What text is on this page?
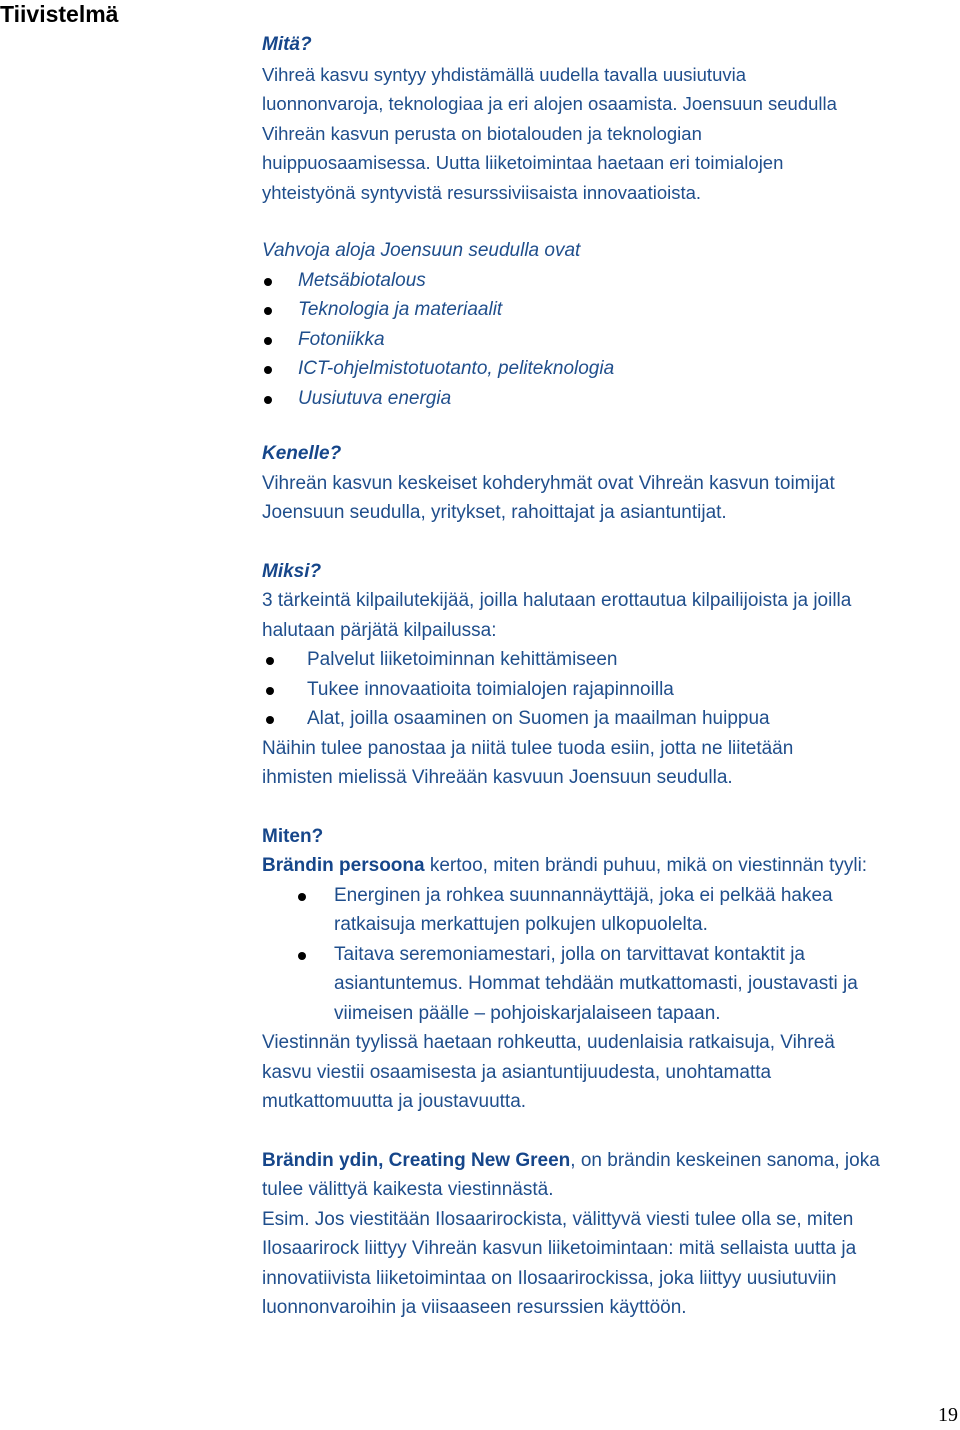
Tiivistelmä

Mitä?

Vihreä kasvu syntyy yhdistämällä uudella tavalla uusiutuvia

luonnonvaroja, teknologiaa ja eri alojen osaamista. Joensuun seudulla

Vihreän kasvun perusta on biotalouden ja teknologian

huippuosaamisessa. Uutta liiketoimintaa haetaan eri toimialojen

yhteistyönä syntyvistä resurssiviisaista innovaatioista.

Vahvoja aloja Joensuun seudulla ovat

Metsäbiotalous
Teknologia ja materiaalit
Fotoniikka
ICT-ohjelmistotuotanto, peliteknologia
Uusiutuva energia

Kenelle?

Vihreän kasvun keskeiset kohderyhmät ovat Vihreän kasvun toimijat

Joensuun seudulla, yritykset, rahoittajat ja asiantuntijat.

Miksi?

3 tärkeintä kilpailutekijää, joilla halutaan erottautua kilpailijoista ja joilla

halutaan pärjätä kilpailussa:

Palvelut liiketoiminnan kehittämiseen
Tukee innovaatioita toimialojen rajapinnoilla
Alat, joilla osaaminen on Suomen ja maailman huippua

Näihin tulee panostaa ja niitä tulee tuoda esiin, jotta ne liitetään

ihmisten mielissä Vihreään kasvuun Joensuun seudulla.

Miten?

Brändin persoona kertoo, miten brändi puhuu, mikä on viestinnän tyyli:

Energinen ja rohkea suunnannäyttäjä, joka ei pelkää hakea

ratkaisuja merkattujen polkujen ulkopuolelta.

Taitava seremoniamestari, jolla on tarvittavat kontaktit ja

asiantuntemus. Hommat tehdään mutkattomasti, joustavasti ja

viimeisen päälle – pohjoiskarjalaiseen tapaan.

Viestinnän tyylissä haetaan rohkeutta, uudenlaisia ratkaisuja, Vihreä

kasvu viestii osaamisesta ja asiantuntijuudesta, unohtamatta

mutkattomuutta ja joustavuutta.

Brändin ydin, Creating New Green, on brändin keskeinen sanoma, joka

tulee välittyä kaikesta viestinnästä.

Esim. Jos viestitään Ilosaarirockista, välittyvä viesti tulee olla se, miten

Ilosaarirock liittyy Vihreän kasvun liiketoimintaan: mitä sellaista uutta ja

innovatiivista liiketoimintaa on Ilosaarirockissa, joka liittyy uusiutuviin

luonnonvaroihin ja viisaaseen resurssien käyttöön.

19
